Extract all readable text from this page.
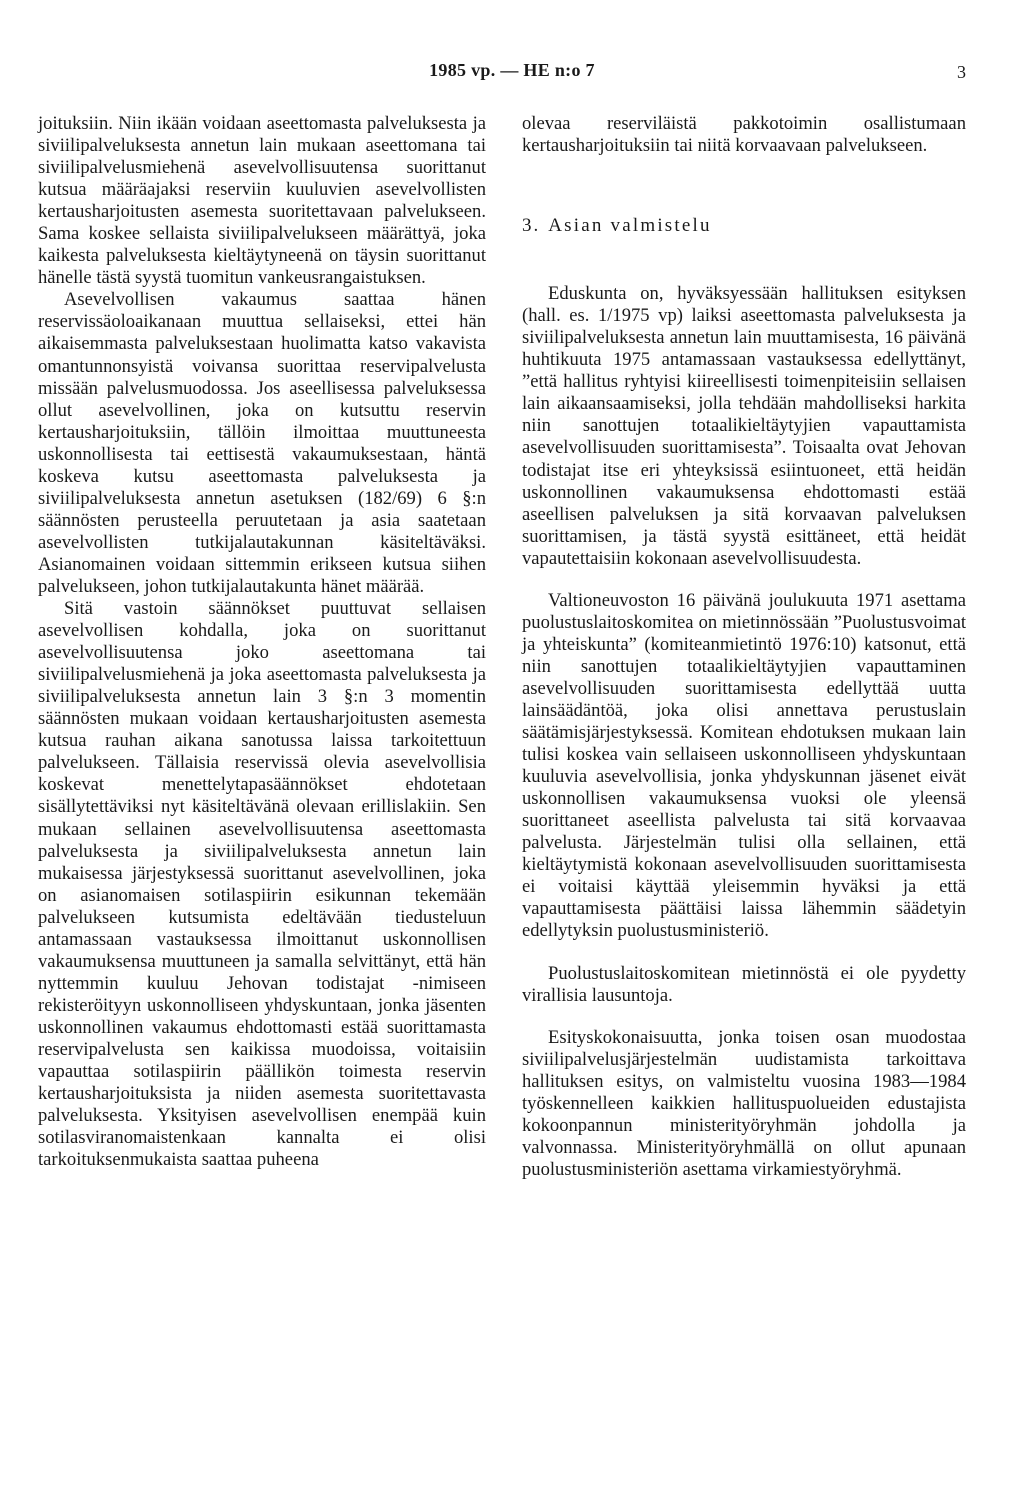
1985 vp. — HE n:o 7	3

joituksiin. Niin ikään voidaan aseettomasta palveluksesta ja siviilipalveluksesta annetun lain mukaan aseettomana tai siviilipalvelusmiehenä asevelvollisuutensa suorittanut kutsua määräajaksi reserviin kuuluvien asevelvollisten kertausharjoitusten asemesta suoritettavaan palvelukseen. Sama koskee sellaista siviilipalvelukseen määrättyä, joka kaikesta palveluksesta kieltäytyneenä on täysin suorittanut hänelle tästä syystä tuomitun vankeusrangaistuksen.

Asevelvollisen vakaumus saattaa hänen reservissäoloaikanaan muuttua sellaiseksi, ettei hän aikaisemmasta palveluksestaan huolimatta katso vakavista omantunnonsyistä voivansa suorittaa reservipalvelusta missään palvelusmuodossa. Jos aseellisessa palveluksessa ollut asevelvollinen, joka on kutsuttu reservin kertausharjoituksiin, tällöin ilmoittaa muuttuneesta uskonnollisesta tai eettisestä vakaumuksestaan, häntä koskeva kutsu aseettomasta palveluksesta ja siviilipalveluksesta annetun asetuksen (182/69) 6 §:n säännösten perusteella peruutetaan ja asia saatetaan asevelvollisten tutkijalautakunnan käsiteltäväksi. Asianomainen voidaan sittemmin erikseen kutsua siihen palvelukseen, johon tutkijalautakunta hänet määrää.

Sitä vastoin säännökset puuttuvat sellaisen asevelvollisen kohdalla, joka on suorittanut asevelvollisuutensa joko aseettomana tai siviilipalvelusmiehenä ja joka aseettomasta palveluksesta ja siviilipalveluksesta annetun lain 3 §:n 3 momentin säännösten mukaan voidaan kertausharjoitusten asemesta kutsua rauhan aikana sanotussa laissa tarkoitettuun palvelukseen. Tällaisia reservissä olevia asevelvollisia koskevat menettelytapasäännökset ehdotetaan sisällytettäviksi nyt käsiteltävänä olevaan erillislakiin. Sen mukaan sellainen asevelvollisuutensa aseettomasta palveluksesta ja siviilipalveluksesta annetun lain mukaisessa järjestyksessä suorittanut asevelvollinen, joka on asianomaisen sotilaspiirin esikunnan tekemään palvelukseen kutsumista edeltävään tiedusteluun antamassaan vastauksessa ilmoittanut uskonnollisen vakaumuksensa muuttuneen ja samalla selvittänyt, että hän nyttemmin kuuluu Jehovan todistajat -nimiseen rekisteröityyn uskonnolliseen yhdyskuntaan, jonka jäsenten uskonnollinen vakaumus ehdottomasti estää suorittamasta reservipalvelusta sen kaikissa muodoissa, voitaisiin vapauttaa sotilaspiirin päällikön toimesta reservin kertausharjoituksista ja niiden asemesta suoritettavasta palveluksesta. Yksityisen asevelvollisen enempää kuin sotilasviranomaistenkaan kannalta ei olisi tarkoituksenmukaista saattaa puheena

olevaa reserviläistä pakkotoimin osallistumaan kertausharjoituksiin tai niitä korvaavaan palvelukseen.

3. Asian valmistelu

Eduskunta on, hyväksyessään hallituksen esityksen (hall. es. 1/1975 vp) laiksi aseettomasta palveluksesta ja siviilipalveluksesta annetun lain muuttamisesta, 16 päivänä huhtikuuta 1975 antamassaan vastauksessa edellyttänyt, ”että hallitus ryhtyisi kiireellisesti toimenpiteisiin sellaisen lain aikaansaamiseksi, jolla tehdään mahdolliseksi harkita niin sanottujen totaalikieltäytyjien vapauttamista asevelvollisuuden suorittamisesta”. Toisaalta ovat Jehovan todistajat itse eri yhteyksissä esiintuoneet, että heidän uskonnollinen vakaumuksensa ehdottomasti estää aseellisen palveluksen ja sitä korvaavan palveluksen suorittamisen, ja tästä syystä esittäneet, että heidät vapautettaisiin kokonaan asevelvollisuudesta.

Valtioneuvoston 16 päivänä joulukuuta 1971 asettama puolustuslaitoskomitea on mietinnössään ”Puolustusvoimat ja yhteiskunta” (komiteanmietintö 1976:10) katsonut, että niin sanottujen totaalikieltäytyjien vapauttaminen asevelvollisuuden suorittamisesta edellyttää uutta lainsäädäntöä, joka olisi annettava perustuslain säätämisjärjestyksessä. Komitean ehdotuksen mukaan lain tulisi koskea vain sellaiseen uskonnolliseen yhdyskuntaan kuuluvia asevelvollisia, jonka yhdyskunnan jäsenet eivät uskonnollisen vakaumuksensa vuoksi ole yleensä suorittaneet aseellista palvelusta tai sitä korvaavaa palvelusta. Järjestelmän tulisi olla sellainen, että kieltäytymistä kokonaan asevelvollisuuden suorittamisesta ei voitaisi käyttää yleisemmin hyväksi ja että vapauttamisesta päättäisi laissa lähemmin säädetyin edellytyksin puolustusministeriö.

Puolustuslaitoskomitean mietinnöstä ei ole pyydetty virallisia lausuntoja.

Esityskokonaisuutta, jonka toisen osan muodostaa siviilipalvelusjärjestelmän uudistamista tarkoittava hallituksen esitys, on valmisteltu vuosina 1983—1984 työskennelleen kaikkien hallituspuolueiden edustajista kokoonpannun ministerityöryhmän johdolla ja valvonnassa. Ministerityöryhmällä on ollut apunaan puolustusministeriön asettama virkamiestyöryhmä.
